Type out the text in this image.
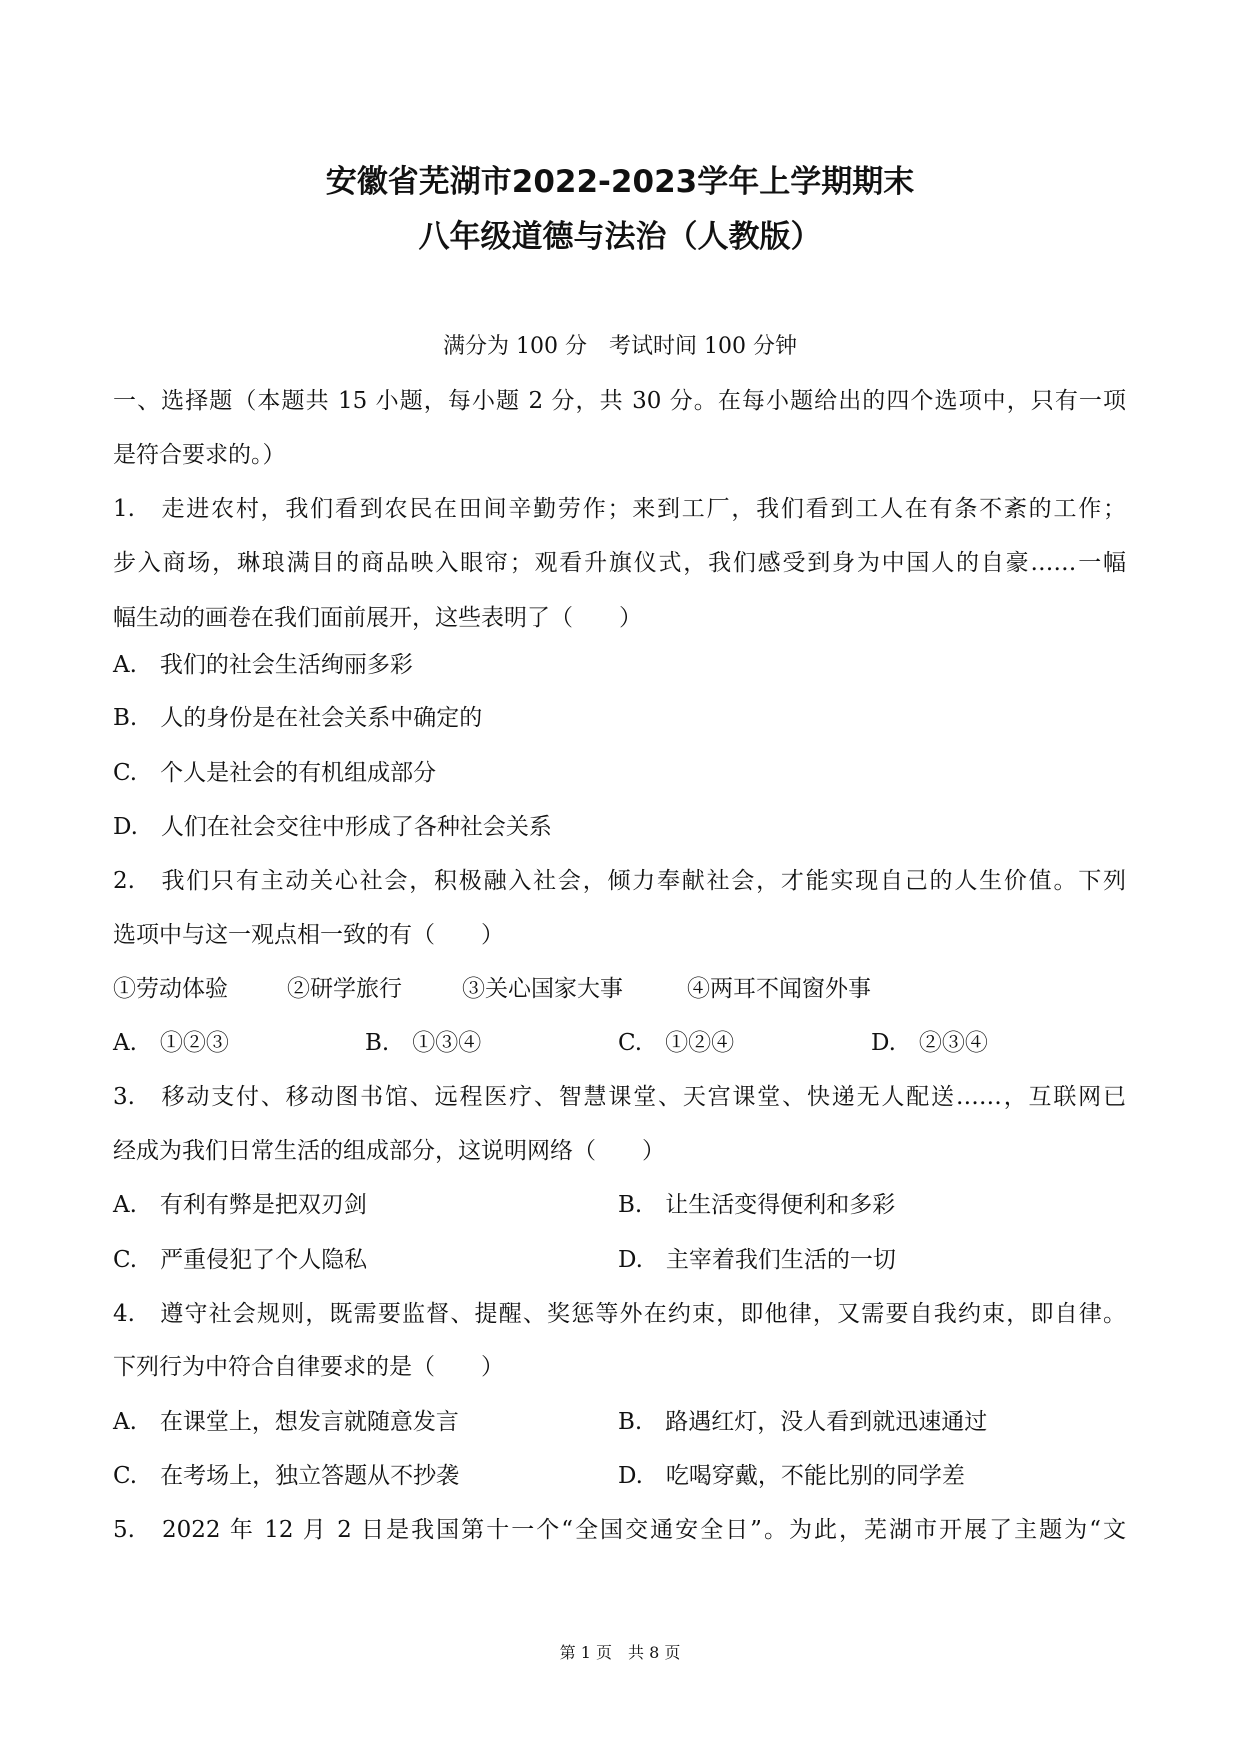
安徽省芜湖市2022-2023学年上学期期末
八年级道德与法治（人教版）
满分为 100 分　考试时间 100 分钟
一、选择题（本题共 15 小题，每小题 2 分，共 30 分。在每小题给出的四个选项中，只有一项
是符合要求的。）
1.　走进农村，我们看到农民在田间辛勤劳作；来到工厂，我们看到工人在有条不紊的工作；
步入商场，琳琅满目的商品映入眼帘；观看升旗仪式，我们感受到身为中国人的自豪……一幅
幅生动的画卷在我们面前展开，这些表明了（　　）
A.　我们的社会生活绚丽多彩
B.　人的身份是在社会关系中确定的
C.　个人是社会的有机组成部分
D.　人们在社会交往中形成了各种社会关系
2.　我们只有主动关心社会，积极融入社会，倾力奉献社会，才能实现自己的人生价值。下列
选项中与这一观点相一致的有（　　）
①劳动体验	②研学旅行	③关心国家大事	④两耳不闻窗外事
A.　①②③	B.　①③④	C.　①②④	D.　②③④
3.　移动支付、移动图书馆、远程医疗、智慧课堂、天宫课堂、快递无人配送……，互联网已
经成为我们日常生活的组成部分，这说明网络（　　）
A.　有利有弊是把双刃剑	B.　让生活变得便利和多彩
C.　严重侵犯了个人隐私	D.　主宰着我们生活的一切
4.　遵守社会规则，既需要监督、提醒、奖惩等外在约束，即他律，又需要自我约束，即自律。
下列行为中符合自律要求的是（　　）
A.　在课堂上，想发言就随意发言	B.　路遇红灯，没人看到就迅速通过
C.　在考场上，独立答题从不抄袭	D.　吃喝穿戴，不能比别的同学差
5.　2022 年 12 月 2 日是我国第十一个“全国交通安全日”。为此，芜湖市开展了主题为“文
第 1 页　共 8 页
